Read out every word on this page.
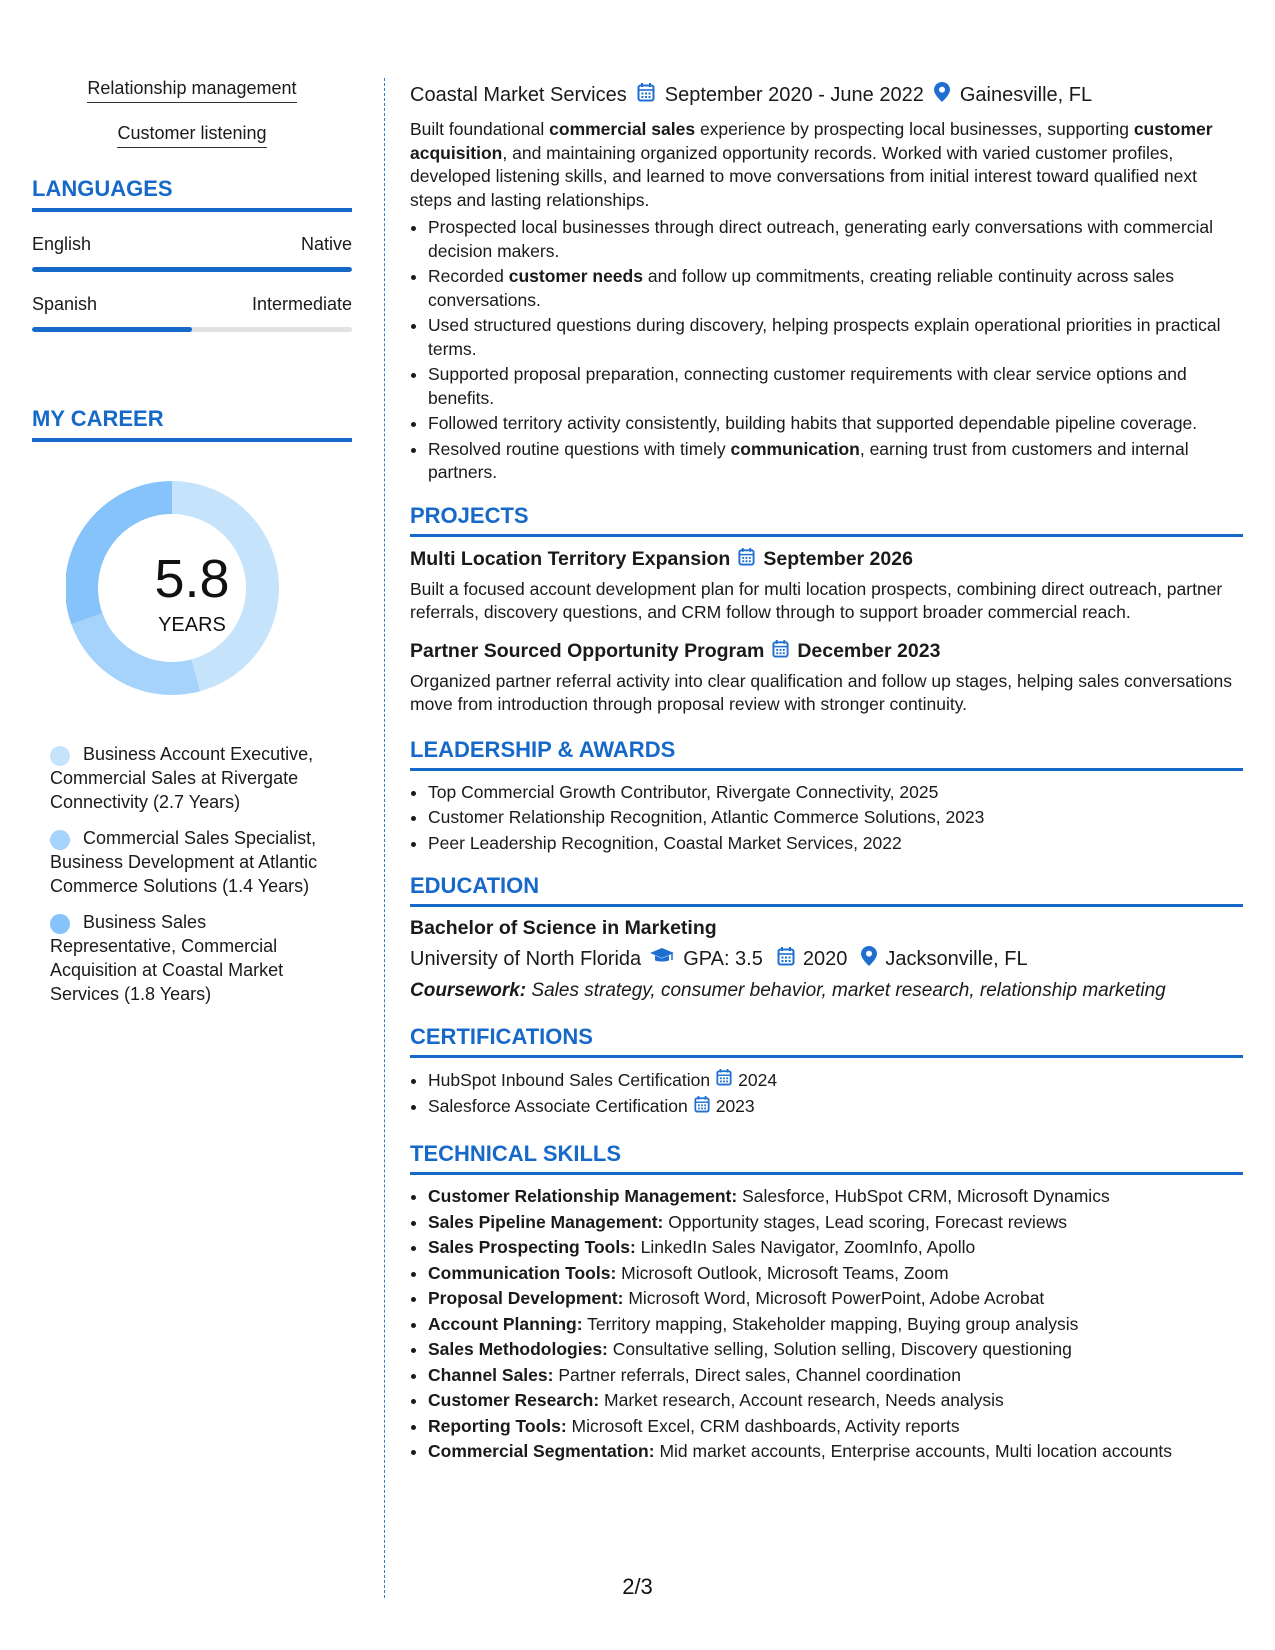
Relationship management
Customer listening
LANGUAGES
English	Native
Spanish	Intermediate
MY CAREER
5.8
YEARS
Business Account Executive, Commercial Sales at Rivergate Connectivity (2.7 Years)
Commercial Sales Specialist, Business Development at Atlantic Commerce Solutions (1.4 Years)
Business Sales Representative, Commercial Acquisition at Coastal Market Services (1.8 Years)
Coastal Market Services September 2020 - June 2022 Gainesville, FL

Built foundational commercial sales experience by prospecting local businesses, supporting customer acquisition, and maintaining organized opportunity records. Worked with varied customer profiles, developed listening skills, and learned to move conversations from initial interest toward qualified next steps and lasting relationships.

• Prospected local businesses through direct outreach, generating early conversations with commercial decision makers.
• Recorded customer needs and follow up commitments, creating reliable continuity across sales conversations.
• Used structured questions during discovery, helping prospects explain operational priorities in practical terms.
• Supported proposal preparation, connecting customer requirements with clear service options and benefits.
• Followed territory activity consistently, building habits that supported dependable pipeline coverage.
• Resolved routine questions with timely communication, earning trust from customers and internal partners.
PROJECTS
Multi Location Territory Expansion September 2026

Built a focused account development plan for multi location prospects, combining direct outreach, partner referrals, discovery questions, and CRM follow through to support broader commercial reach.

Partner Sourced Opportunity Program December 2023

Organized partner referral activity into clear qualification and follow up stages, helping sales conversations move from introduction through proposal review with stronger continuity.

LEADERSHIP & AWARDS
• Top Commercial Growth Contributor, Rivergate Connectivity, 2025
• Customer Relationship Recognition, Atlantic Commerce Solutions, 2023
• Peer Leadership Recognition, Coastal Market Services, 2022
EDUCATION
Bachelor of Science in Marketing
University of North Florida GPA: 3.5 2020 Jacksonville, FL
Coursework: Sales strategy, consumer behavior, market research, relationship marketing
CERTIFICATIONS
• HubSpot Inbound Sales Certification 2024
• Salesforce Associate Certification 2023
TECHNICAL SKILLS
• Customer Relationship Management: Salesforce, HubSpot CRM, Microsoft Dynamics
• Sales Pipeline Management: Opportunity stages, Lead scoring, Forecast reviews
• Sales Prospecting Tools: LinkedIn Sales Navigator, ZoomInfo, Apollo
• Communication Tools: Microsoft Outlook, Microsoft Teams, Zoom
• Proposal Development: Microsoft Word, Microsoft PowerPoint, Adobe Acrobat
• Account Planning: Territory mapping, Stakeholder mapping, Buying group analysis
• Sales Methodologies: Consultative selling, Solution selling, Discovery questioning
• Channel Sales: Partner referrals, Direct sales, Channel coordination
• Customer Research: Market research, Account research, Needs analysis
• Reporting Tools: Microsoft Excel, CRM dashboards, Activity reports
• Commercial Segmentation: Mid market accounts, Enterprise accounts, Multi location accounts
2/3
